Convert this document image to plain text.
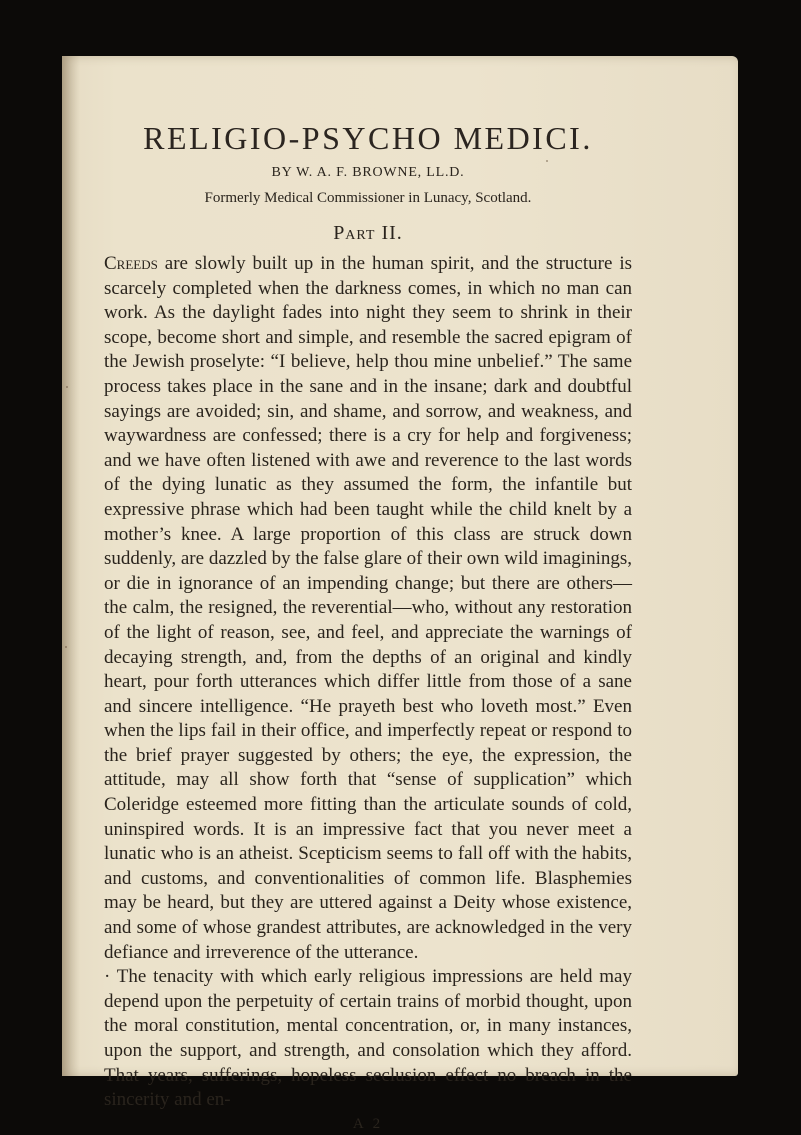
RELIGIO-PSYCHO MEDICI.

BY W. A. F. BROWNE, LL.D.

Formerly Medical Commissioner in Lunacy, Scotland.

Part II.

Creeds are slowly built up in the human spirit, and the structure is scarcely completed when the darkness comes, in which no man can work. As the daylight fades into night they seem to shrink in their scope, become short and simple, and resemble the sacred epigram of the Jewish proselyte: “I believe, help thou mine unbelief.” The same process takes place in the sane and in the insane; dark and doubtful sayings are avoided; sin, and shame, and sorrow, and weakness, and waywardness are confessed; there is a cry for help and forgiveness; and we have often listened with awe and reverence to the last words of the dying lunatic as they assumed the form, the infantile but expressive phrase which had been taught while the child knelt by a mother’s knee. A large proportion of this class are struck down suddenly, are dazzled by the false glare of their own wild imaginings, or die in ignorance of an impending change; but there are others—the calm, the resigned, the reverential—who, without any restoration of the light of reason, see, and feel, and appreciate the warnings of decaying strength, and, from the depths of an original and kindly heart, pour forth utterances which differ little from those of a sane and sincere intelligence. “He prayeth best who loveth most.” Even when the lips fail in their office, and imperfectly repeat or respond to the brief prayer suggested by others; the eye, the expression, the attitude, may all show forth that “sense of supplication” which Coleridge esteemed more fitting than the articulate sounds of cold, uninspired words. It is an impressive fact that you never meet a lunatic who is an atheist. Scepticism seems to fall off with the habits, and customs, and conventionalities of common life. Blasphemies may be heard, but they are uttered against a Deity whose existence, and some of whose grandest attributes, are acknowledged in the very defiance and irreverence of the utterance.

· The tenacity with which early religious impressions are held may depend upon the perpetuity of certain trains of morbid thought, upon the moral constitution, mental concentration, or, in many instances, upon the support, and strength, and consolation which they afford. That years, sufferings, hopeless seclusion effect no breach in the sincerity and en-

A 2
